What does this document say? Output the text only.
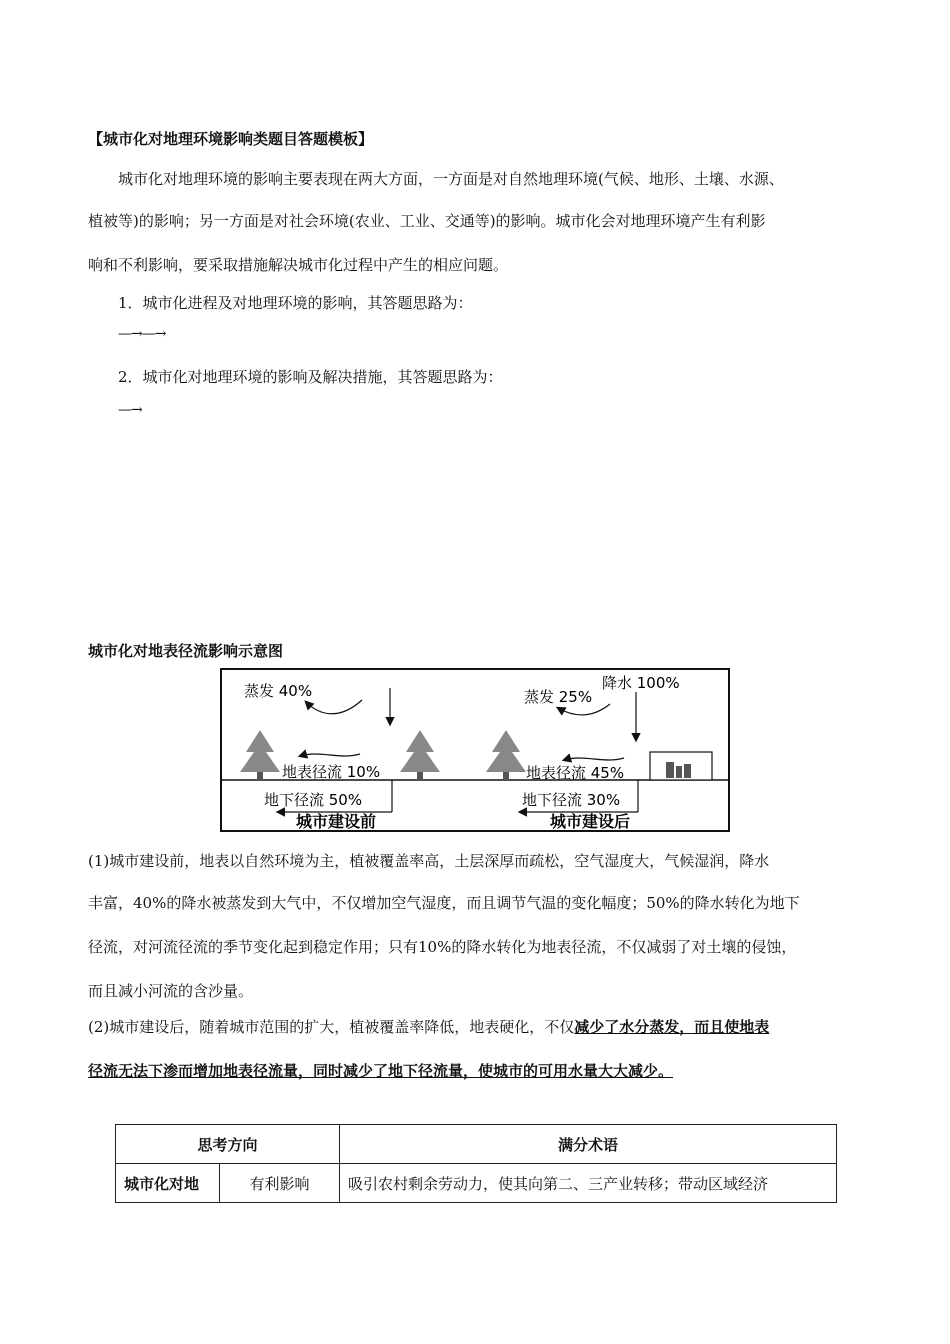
【城市化对地理环境影响类题目答题模板】
城市化对地理环境的影响主要表现在两大方面，一方面是对自然地理环境(气候、地形、土壤、水源、
植被等)的影响；另一方面是对社会环境(农业、工业、交通等)的影响。城市化会对地理环境产生有利影
响和不利影响，要采取措施解决城市化过程中产生的相应问题。
1．城市化进程及对地理环境的影响，其答题思路为：
—→—→
2．城市化对地理环境的影响及解决措施，其答题思路为：
—→
城市化对地表径流影响示意图
蒸发 40%
地表径流 10%
地下径流 50%
城市建设前
降水 100%
蒸发 25%
地表径流 45%
地下径流 30%
城市建设后
(1)城市建设前，地表以自然环境为主，植被覆盖率高，土层深厚而疏松，空气湿度大，气候湿润，降水
丰富，40%的降水被蒸发到大气中，不仅增加空气湿度，而且调节气温的变化幅度；50%的降水转化为地下
径流，对河流径流的季节变化起到稳定作用；只有10%的降水转化为地表径流，不仅减弱了对土壤的侵蚀，
而且减小河流的含沙量。
(2)城市建设后，随着城市范围的扩大，植被覆盖率降低，地表硬化，不仅减少了水分蒸发，而且使地表
径流无法下渗而增加地表径流量，同时减少了地下径流量，使城市的可用水量大大减少。
思考方向		满分术语
城市化对地	有利影响	吸引农村剩余劳动力，使其向第二、三产业转移；带动区域经济
